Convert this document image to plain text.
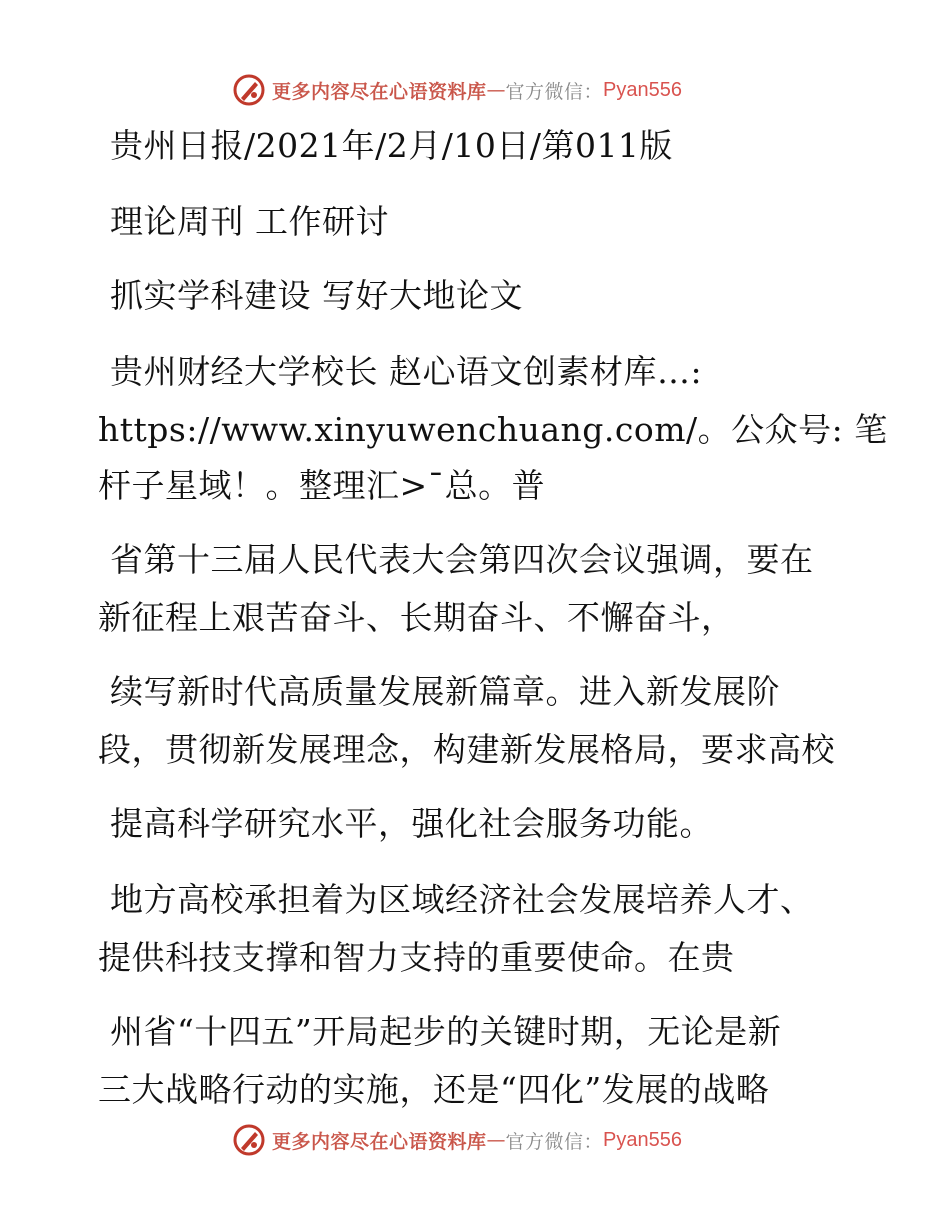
更多内容尽在心语资料库 — 官方微信： Pyan556
贵州日报/2021年/2月/10日/第011版
理论周刊 工作研讨
抓实学科建设 写好大地论文
贵州财经大学校长 赵心语文创素材库…:
https://www.xinyuwenchuang.com/。公众号: 笔
杆子星域！。整理汇>¯总。普
省第十三届人民代表大会第四次会议强调，要在
新征程上艰苦奋斗、长期奋斗、不懈奋斗，
续写新时代高质量发展新篇章。进入新发展阶
段，贯彻新发展理念，构建新发展格局，要求高校
提高科学研究水平，强化社会服务功能。
地方高校承担着为区域经济社会发展培养人才、
提供科技支撑和智力支持的重要使命。在贵
州省“十四五”开局起步的关键时期，无论是新
三大战略行动的实施，还是“四化”发展的战略
更多内容尽在心语资料库 — 官方微信： Pyan556
